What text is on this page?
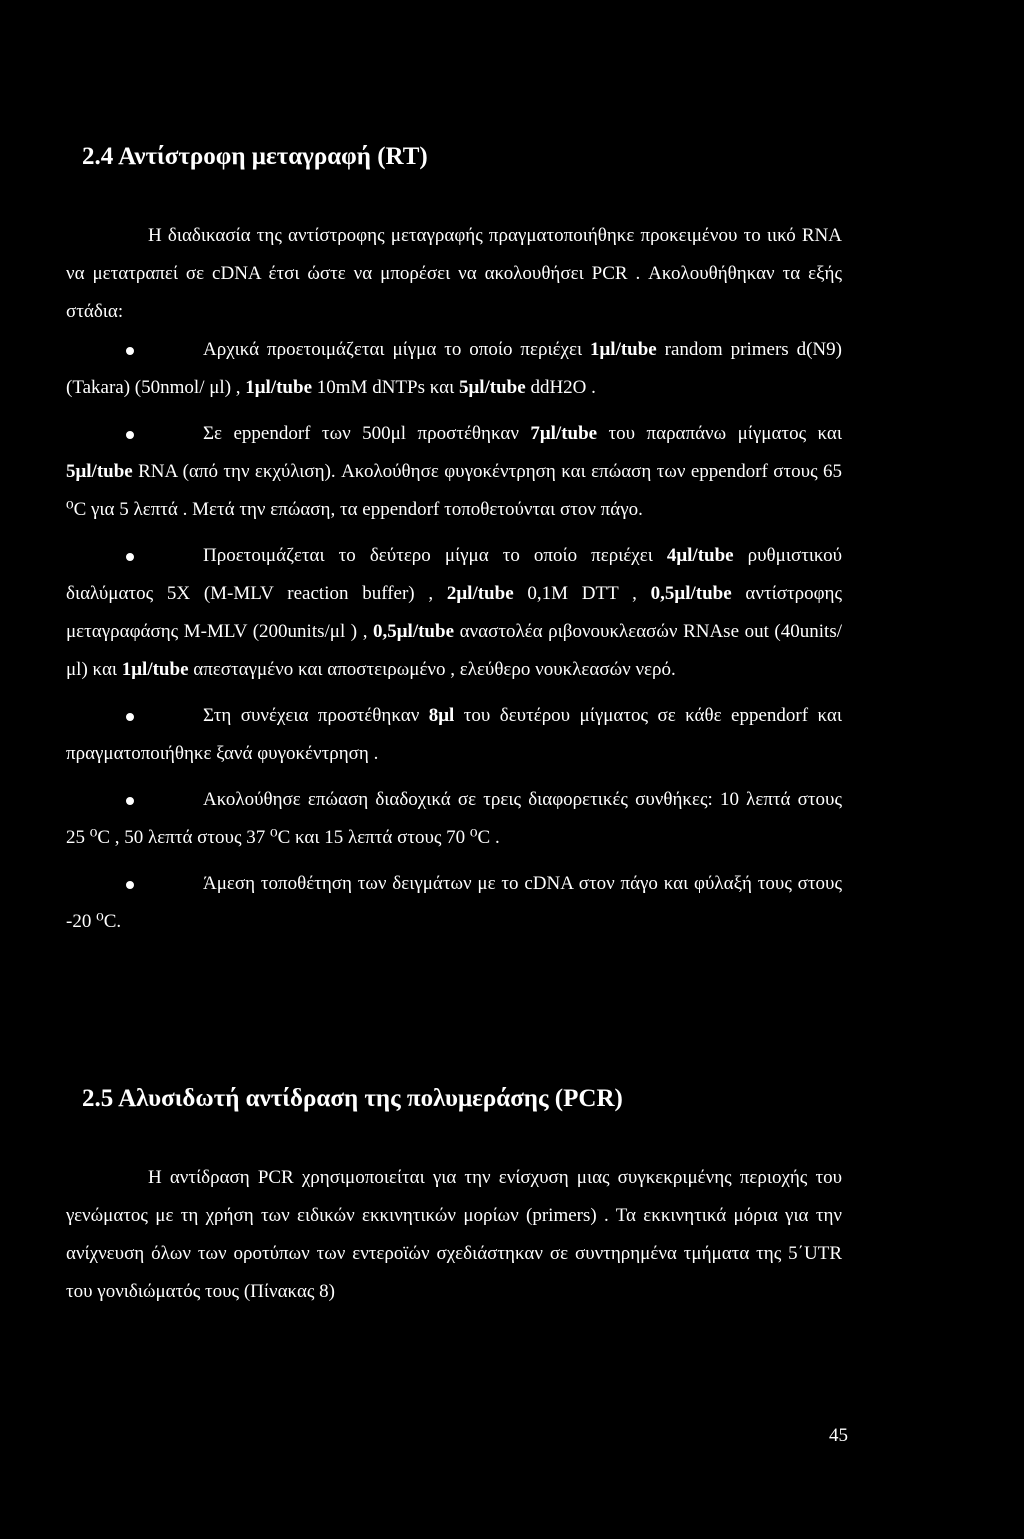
2.4 Αντίστροφη μεταγραφή (RT)
Η διαδικασία της αντίστροφης μεταγραφής πραγματοποιήθηκε προκειμένου το ιικό RNA να μετατραπεί σε cDNA έτσι ώστε να μπορέσει να ακολουθήσει PCR . Ακολουθήθηκαν τα εξής στάδια:
Αρχικά προετοιμάζεται μίγμα το οποίο περιέχει 1μl/tube random primers d(N9) (Takara) (50nmol/ μl) , 1μl/tube 10mM dNTPs και 5μl/tube ddH2O .
Σε eppendorf των 500μl προστέθηκαν 7μl/tube του παραπάνω μίγματος και 5μl/tube RNA (από την εκχύλιση). Ακολούθησε φυγοκέντρηση και επώαση των eppendorf στους 65 ⁰C για 5 λεπτά . Μετά την επώαση, τα eppendorf τοποθετούνται στον πάγο.
Προετοιμάζεται το δεύτερο μίγμα το οποίο περιέχει 4μl/tube ρυθμιστικού διαλύματος 5X (M-MLV reaction buffer) , 2μl/tube 0,1M DTT , 0,5μl/tube αντίστροφης μεταγραφάσης M-MLV (200units/μl ) , 0,5μl/tube αναστολέα ριβονουκλεασών RNAse out (40units/μl) και 1μl/tube απεσταγμένο και αποστειρωμένο , ελεύθερο νουκλεασών νερό.
Στη συνέχεια προστέθηκαν 8μl του δευτέρου μίγματος σε κάθε eppendorf και πραγματοποιήθηκε ξανά φυγοκέντρηση .
Ακολούθησε επώαση διαδοχικά σε τρεις διαφορετικές συνθήκες: 10 λεπτά στους 25 ⁰C , 50 λεπτά στους 37 ⁰C και 15 λεπτά στους 70 ⁰C .
Άμεση τοποθέτηση των δειγμάτων με το cDNA στον πάγο και φύλαξή τους στους -20 ⁰C.
2.5 Αλυσιδωτή αντίδραση της πολυμεράσης (PCR)
Η αντίδραση PCR χρησιμοποιείται για την ενίσχυση μιας συγκεκριμένης περιοχής του γενώματος με τη χρήση των ειδικών εκκινητικών μορίων (primers) . Τα εκκινητικά μόρια για την ανίχνευση όλων των οροτύπων των εντεροϊών σχεδιάστηκαν σε συντηρημένα τμήματα της 5΄UTR του γονιδιώματός τους (Πίνακας 8)
45
